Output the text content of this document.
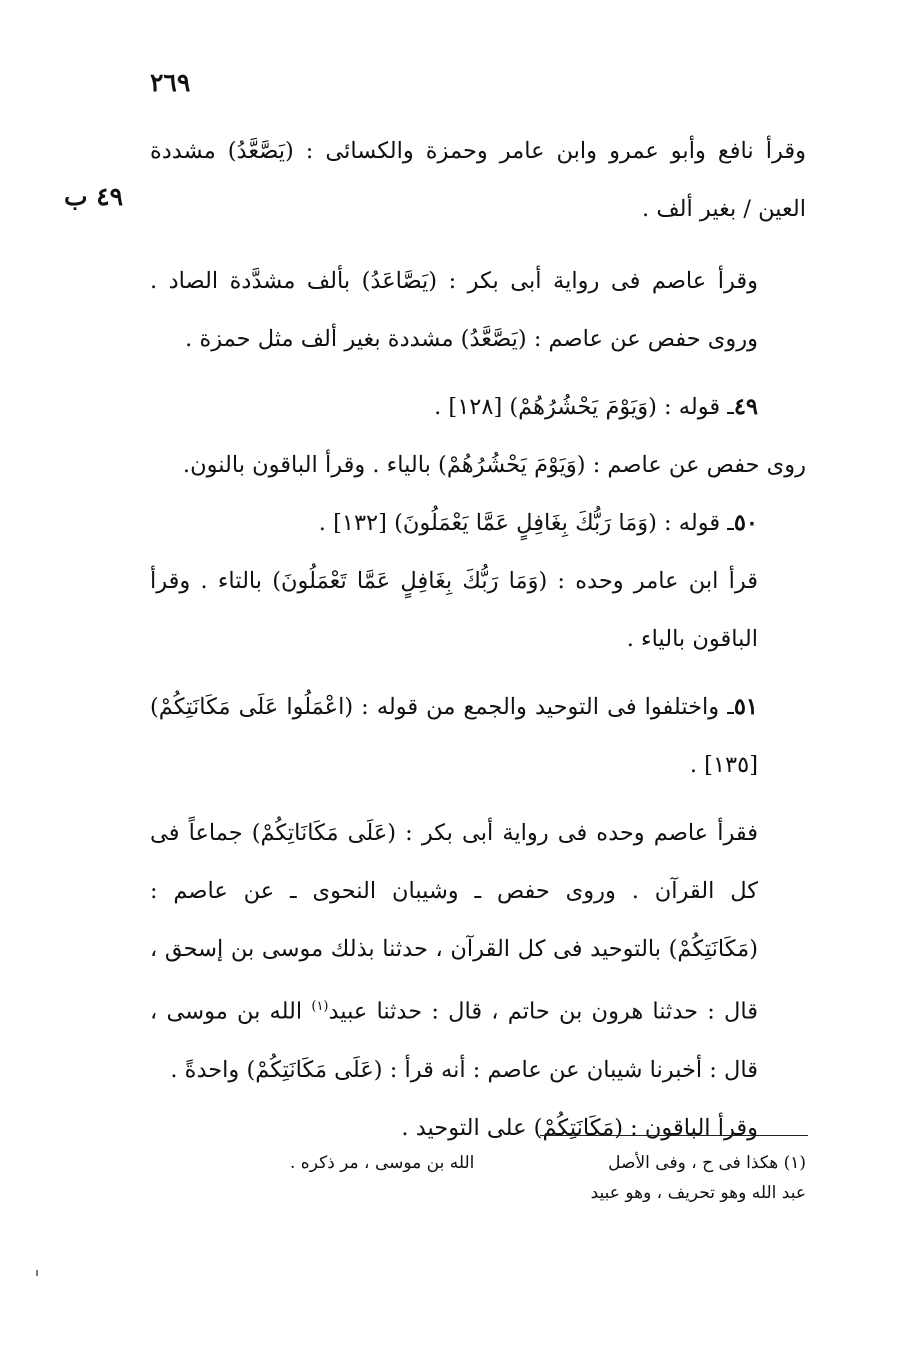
٢٦٩
٤٩ ب

وقرأ نافع وأبو عمرو وابن عامر وحمزة والكسائى : (يَصَّعَّدُ) مشددة العين / بغير ألف .

وقرأ عاصم فى رواية أبى بكر : (يَصَّاعَدُ) بألف مشدَّدة الصاد . وروى حفص عن عاصم : (يَصَّعَّدُ) مشددة بغير ألف مثل حمزة .

٤٩ـ قوله : (وَيَوْمَ يَحْشُرُهُمْ) [١٢٨] .

روى حفص عن عاصم : (وَيَوْمَ يَحْشُرُهُمْ) بالياء . وقرأ الباقون بالنون.

٥٠ـ قوله : (وَمَا رَبُّكَ بِغَافِلٍ عَمَّا يَعْمَلُونَ) [١٣٢] .

قرأ ابن عامر وحده : (وَمَا رَبُّكَ بِغَافِلٍ عَمَّا تَعْمَلُونَ) بالتاء . وقرأ الباقون بالياء .

٥١ـ واختلفوا فى التوحيد والجمع من قوله : (اعْمَلُوا عَلَى مَكَانَتِكُمْ) [١٣٥] .

فقرأ عاصم وحده فى رواية أبى بكر : (عَلَى مَكَانَاتِكُمْ) جماعاً فى كل القرآن . وروى حفص ـ وشيبان النحوى ـ عن عاصم : (مَكَانَتِكُمْ) بالتوحيد فى كل القرآن ، حدثنا بذلك موسى بن إسحق ، قال : حدثنا هرون بن حاتم ، قال : حدثنا عبيد$^{(١)}$ الله بن موسى ، قال : أخبرنا شيبان عن عاصم : أنه قرأ : (عَلَى مَكَانَتِكُمْ) واحدةً .

وقرأ الباقون : (مَكَانَتِكُمْ) على التوحيد .

(١) هكذا فى ح ، وفى الأصل
الله بن موسى ، مر ذكره .
عبد الله وهو تحريف ، وهو عبيد
